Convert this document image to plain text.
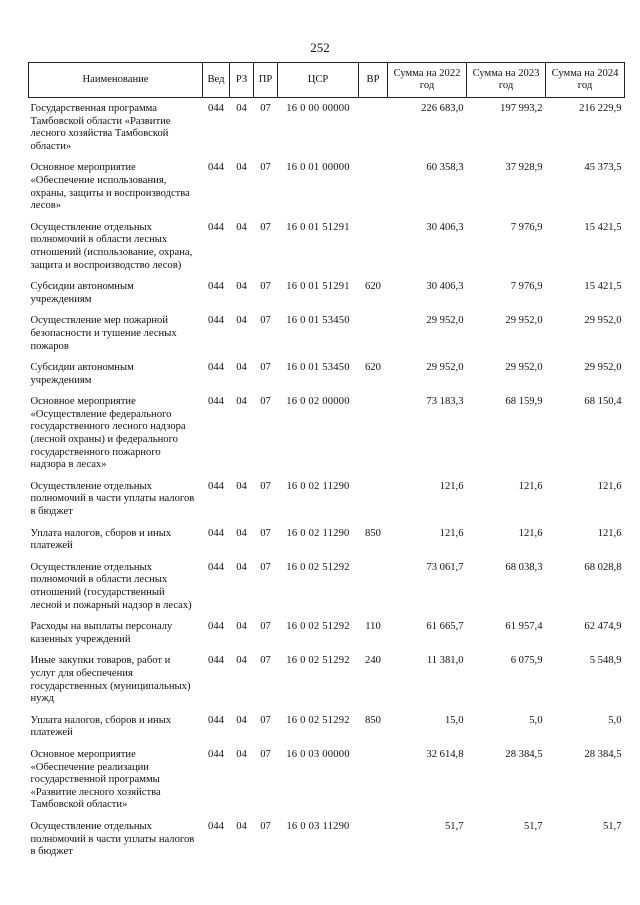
252
Наименование	Вед	РЗ	ПР	ЦСР	ВР	Сумма на 2022 год	Сумма на 2023 год	Сумма на 2024 год
Государственная программа Тамбовской области «Развитие лесного хозяйства Тамбовской области»	044	04	07	16 0 00 00000		226 683,0	197 993,2	216 229,9
Основное мероприятие «Обеспечение использования, охраны, защиты и воспроизводства лесов»	044	04	07	16 0 01 00000		60 358,3	37 928,9	45 373,5
Осуществление отдельных полномочий в области лесных отношений (использование, охрана, защита и воспроизводство лесов)	044	04	07	16 0 01 51291		30 406,3	7 976,9	15 421,5
Субсидии автономным учреждениям	044	04	07	16 0 01 51291	620	30 406,3	7 976,9	15 421,5
Осуществление мер пожарной безопасности и тушение лесных пожаров	044	04	07	16 0 01 53450		29 952,0	29 952,0	29 952,0
Субсидии автономным учреждениям	044	04	07	16 0 01 53450	620	29 952,0	29 952,0	29 952,0
Основное мероприятие «Осуществление федерального государственного лесного надзора (лесной охраны) и федерального государственного пожарного надзора в лесах»	044	04	07	16 0 02 00000		73 183,3	68 159,9	68 150,4
Осуществление отдельных полномочий в части уплаты налогов в бюджет	044	04	07	16 0 02 11290		121,6	121,6	121,6
Уплата налогов, сборов и иных платежей	044	04	07	16 0 02 11290	850	121,6	121,6	121,6
Осуществление отдельных полномочий в области лесных отношений (государственный лесной и пожарный надзор в лесах)	044	04	07	16 0 02 51292		73 061,7	68 038,3	68 028,8
Расходы на выплаты персоналу казенных учреждений	044	04	07	16 0 02 51292	110	61 665,7	61 957,4	62 474,9
Иные закупки товаров, работ и услуг для обеспечения государственных (муниципальных) нужд	044	04	07	16 0 02 51292	240	11 381,0	6 075,9	5 548,9
Уплата налогов, сборов и иных платежей	044	04	07	16 0 02 51292	850	15,0	5,0	5,0
Основное мероприятие «Обеспечение реализации государственной программы «Развитие лесного хозяйства Тамбовской области»	044	04	07	16 0 03 00000		32 614,8	28 384,5	28 384,5
Осуществление отдельных полномочий в части уплаты налогов в бюджет	044	04	07	16 0 03 11290		51,7	51,7	51,7
